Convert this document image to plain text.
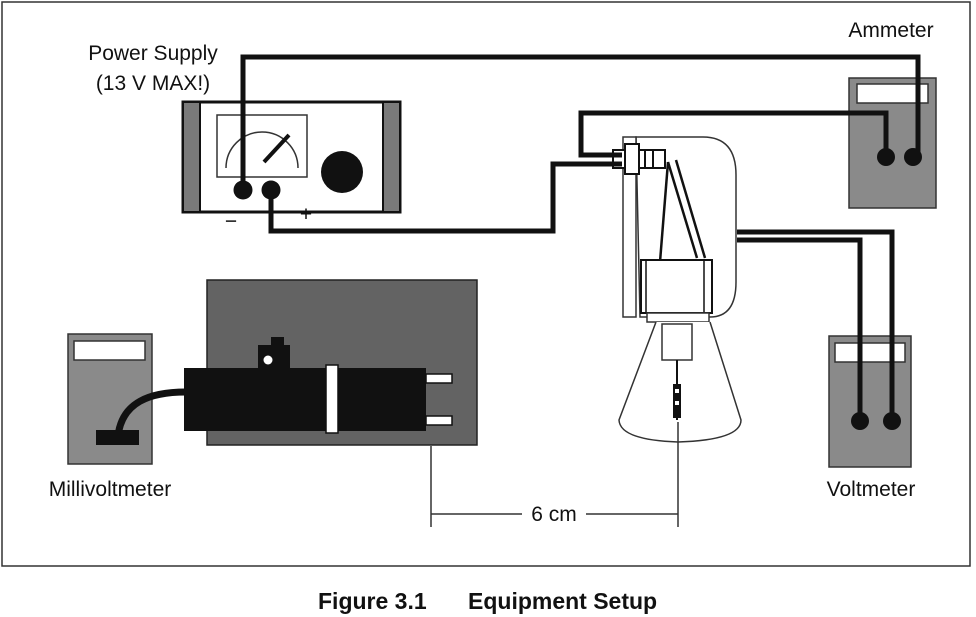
−	+
Power Supply
(13 V MAX!)
Ammeter
Voltmeter
Millivoltmeter
6 cm
Figure 3.1 Equipment Setup
